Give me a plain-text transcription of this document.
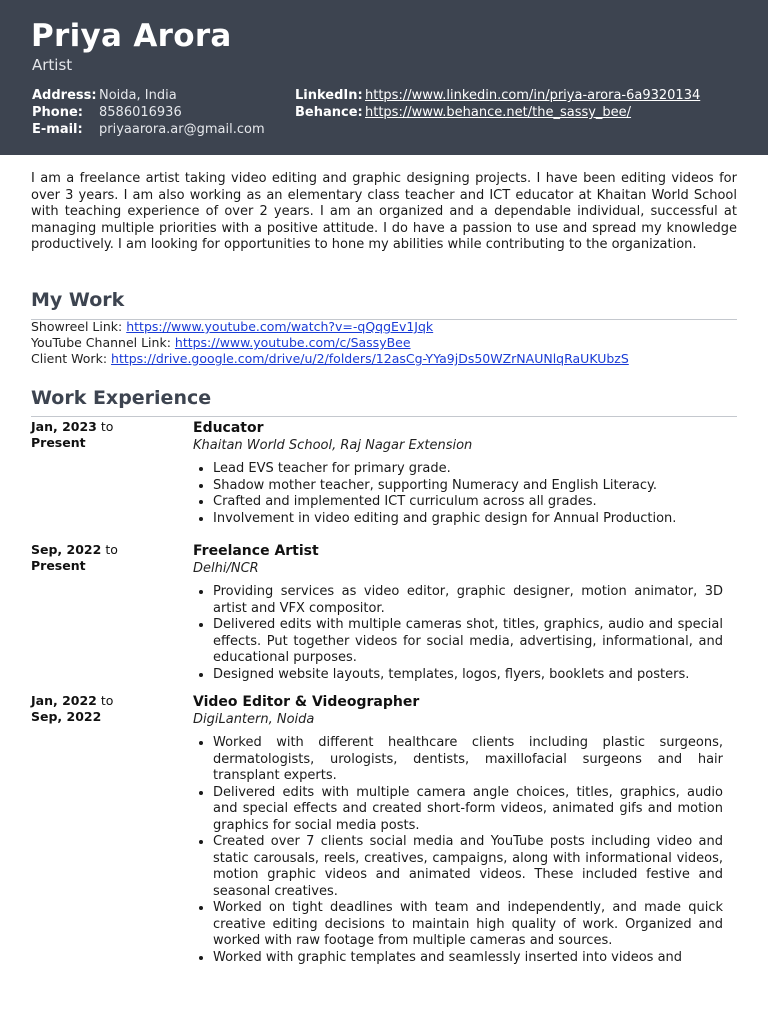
Priya Arora
Artist
Address: Noida, India
Phone:	8586016936
E-mail:	priyaarora.ar@gmail.com
LinkedIn: https://www.linkedin.com/in/priya-arora-6a9320134
Behance: https://www.behance.net/the_sassy_bee/
I am a freelance artist taking video editing and graphic designing projects. I have been editing videos for over 3 years. I am also working as an elementary class teacher and ICT educator at Khaitan World School with teaching experience of over 2 years. I am an organized and a dependable individual, successful at managing multiple priorities with a positive attitude. I do have a passion to use and spread my knowledge productively. I am looking for opportunities to hone my abilities while contributing to the organization.
My Work
Showreel Link: https://www.youtube.com/watch?v=-qQqgEv1Jqk
YouTube Channel Link: https://www.youtube.com/c/SassyBee
Client Work: https://drive.google.com/drive/u/2/folders/12asCg-YYa9jDs50WZrNAUNlqRaUKUbzS
Work Experience
Jan, 2023 to
Present
Educator
Khaitan World School, Raj Nagar Extension
• Lead EVS teacher for primary grade.
• Shadow mother teacher, supporting Numeracy and English Literacy.
• Crafted and implemented ICT curriculum across all grades.
• Involvement in video editing and graphic design for Annual Production.
Sep, 2022 to
Present
Freelance Artist
Delhi/NCR
• Providing services as video editor, graphic designer, motion animator, 3D artist and VFX compositor.
• Delivered edits with multiple cameras shot, titles, graphics, audio and special effects. Put together videos for social media, advertising, informational, and educational purposes.
• Designed website layouts, templates, logos, flyers, booklets and posters.
Jan, 2022 to
Sep, 2022
Video Editor & Videographer
DigiLantern, Noida
• Worked with different healthcare clients including plastic surgeons, dermatologists, urologists, dentists, maxillofacial surgeons and hair transplant experts.
• Delivered edits with multiple camera angle choices, titles, graphics, audio and special effects and created short-form videos, animated gifs and motion graphics for social media posts.
• Created over 7 clients social media and YouTube posts including video and static carousals, reels, creatives, campaigns, along with informational videos, motion graphic videos and animated videos. These included festive and seasonal creatives.
• Worked on tight deadlines with team and independently, and made quick creative editing decisions to maintain high quality of work. Organized and worked with raw footage from multiple cameras and sources.
• Worked with graphic templates and seamlessly inserted into videos and
